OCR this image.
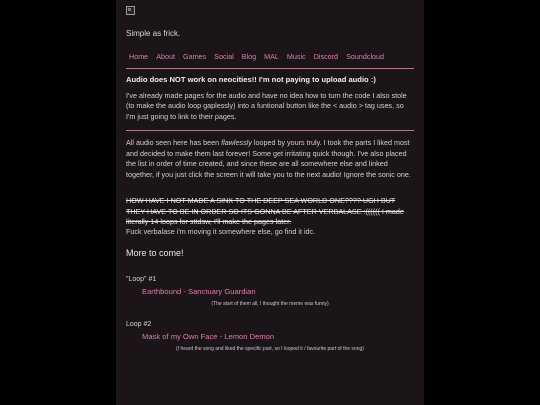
Simple as frick.
Home About Games Social Blog MAL Music Discord Soundcloud
Audio does NOT work on neocities!! I'm not paying to upload audio :)

I've already made pages for the audio and have no idea how to turn the code I also stole (to make the audio loop gaplessly) into a funtional button like the < audio > tag uses, so I'm just going to link to their pages.

All audio seen here has been flawlessly looped by yours truly. I took the parts I liked most and decided to make them last forever! Some get irritating quick though. I've also placed the list in order of time created, and since these are all somewhere else and linked together, if you just click the screen it will take you to the next audio! Ignore the sonic one.

HOW HAVE I NOT MADE A SINK TO THE DEEP SEA WORLD ONE???? UGH BUT THEY HAVE TO BE IN ORDER SO ITS GONNA BE AFTER VERBALASE :(((((( I made literally 14 loops for sttdsw, I'll make the pages later.

Fuck verbalase i'm moving it somewhere else, go find it idc.

More to come!
"Loop" #1
Earthbound - Sanctuary Guardian
(The start of them all, I thought the meme was funny)
Loop #2
Mask of my Own Face - Lemon Demon
(I heard the song and liked the specific part, so I looped it / favourite part of the song)
